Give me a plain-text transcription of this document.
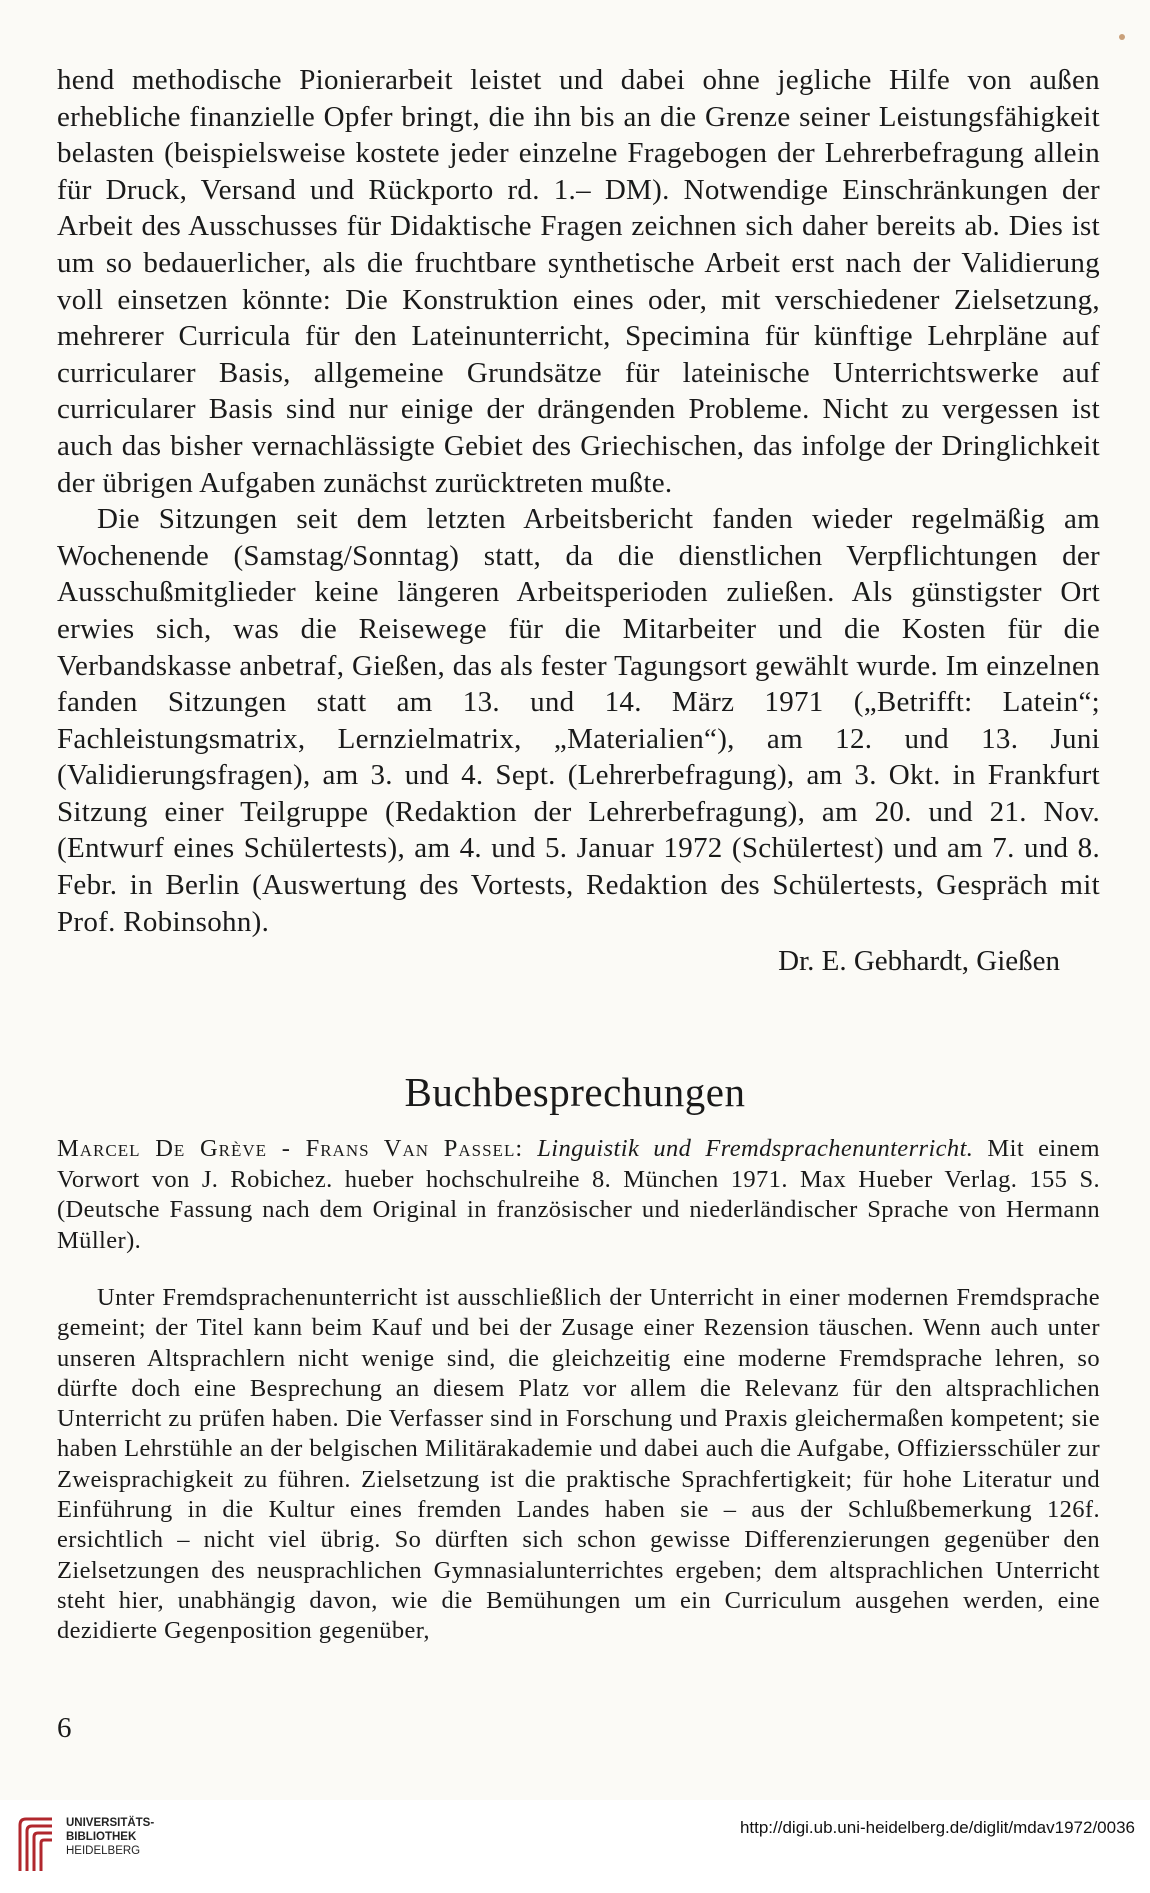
hend methodische Pionierarbeit leistet und dabei ohne jegliche Hilfe von außen erhebliche finanzielle Opfer bringt, die ihn bis an die Grenze seiner Leistungsfähigkeit belasten (beispielsweise kostete jeder einzelne Fragebogen der Lehrerbefragung allein für Druck, Versand und Rückporto rd. 1.– DM). Notwendige Einschränkungen der Arbeit des Ausschusses für Didaktische Fragen zeichnen sich daher bereits ab. Dies ist um so bedauerlicher, als die fruchtbare synthetische Arbeit erst nach der Validierung voll einsetzen könnte: Die Konstruktion eines oder, mit verschiedener Zielsetzung, mehrerer Curricula für den Lateinunterricht, Specimina für künftige Lehrpläne auf curricularer Basis, allgemeine Grundsätze für lateinische Unterrichtswerke auf curricularer Basis sind nur einige der drängenden Probleme. Nicht zu vergessen ist auch das bisher vernachlässigte Gebiet des Griechischen, das infolge der Dringlichkeit der übrigen Aufgaben zunächst zurücktreten mußte.

Die Sitzungen seit dem letzten Arbeitsbericht fanden wieder regelmäßig am Wochenende (Samstag/Sonntag) statt, da die dienstlichen Verpflichtungen der Ausschußmitglieder keine längeren Arbeitsperioden zuließen. Als günstigster Ort erwies sich, was die Reisewege für die Mitarbeiter und die Kosten für die Verbandskasse anbetraf, Gießen, das als fester Tagungsort gewählt wurde. Im einzelnen fanden Sitzungen statt am 13. und 14. März 1971 („Betrifft: Latein“; Fachleistungsmatrix, Lernzielmatrix, „Materialien“), am 12. und 13. Juni (Validierungsfragen), am 3. und 4. Sept. (Lehrerbefragung), am 3. Okt. in Frankfurt Sitzung einer Teilgruppe (Redaktion der Lehrerbefragung), am 20. und 21. Nov. (Entwurf eines Schülertests), am 4. und 5. Januar 1972 (Schülertest) und am 7. und 8. Febr. in Berlin (Auswertung des Vortests, Redaktion des Schülertests, Gespräch mit Prof. Robinsohn).

Dr. E. Gebhardt, Gießen
Buchbesprechungen

Marcel De Grève - Frans Van Passel: Linguistik und Fremdsprachenunterricht. Mit einem Vorwort von J. Robichez. hueber hochschulreihe 8. München 1971. Max Hueber Verlag. 155 S. (Deutsche Fassung nach dem Original in französischer und niederländischer Sprache von Hermann Müller).

Unter Fremdsprachenunterricht ist ausschließlich der Unterricht in einer modernen Fremdsprache gemeint; der Titel kann beim Kauf und bei der Zusage einer Rezension täuschen. Wenn auch unter unseren Altsprachlern nicht wenige sind, die gleichzeitig eine moderne Fremdsprache lehren, so dürfte doch eine Besprechung an diesem Platz vor allem die Relevanz für den altsprachlichen Unterricht zu prüfen haben. Die Verfasser sind in Forschung und Praxis gleichermaßen kompetent; sie haben Lehrstühle an der belgischen Militärakademie und dabei auch die Aufgabe, Offiziersschüler zur Zweisprachigkeit zu führen. Zielsetzung ist die praktische Sprachfertigkeit; für hohe Literatur und Einführung in die Kultur eines fremden Landes haben sie – aus der Schlußbemerkung 126f. ersichtlich – nicht viel übrig. So dürften sich schon gewisse Differenzierungen gegenüber den Zielsetzungen des neusprachlichen Gymnasialunterrichtes ergeben; dem altsprachlichen Unterricht steht hier, unabhängig davon, wie die Bemühungen um ein Curriculum ausgehen werden, eine dezidierte Gegenposition gegenüber,

6
UNIVERSITÄTS-
BIBLIOTHEK
HEIDELBERG
http://digi.ub.uni-heidelberg.de/diglit/mdav1972/0036
